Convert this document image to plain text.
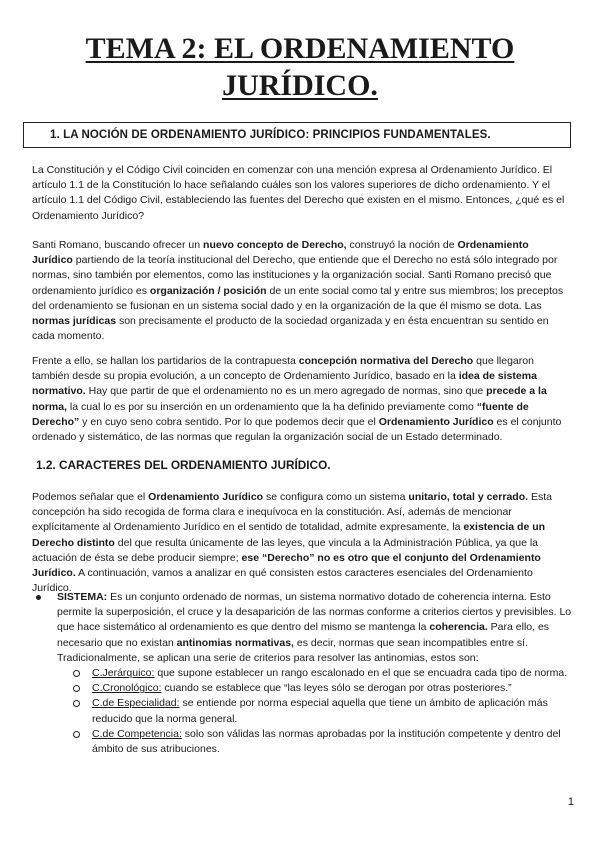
TEMA 2: EL ORDENAMIENTO JURÍDICO.
1. LA NOCIÓN DE ORDENAMIENTO JURÍDICO: PRINCIPIOS FUNDAMENTALES.

La Constitución y el Código Civil coinciden en comenzar con una mención expresa al Ordenamiento Jurídico. El artículo 1.1 de la Constitución lo hace señalando cuáles son los valores superiores de dicho ordenamiento. Y el artículo 1.1 del Código Civil, estableciendo las fuentes del Derecho que existen en el mismo. Entonces, ¿qué es el Ordenamiento Jurídico?

Santi Romano, buscando ofrecer un nuevo concepto de Derecho, construyó la noción de Ordenamiento Jurídico partiendo de la teoría institucional del Derecho, que entiende que el Derecho no está sólo integrado por normas, sino también por elementos, como las instituciones y la organización social. Santi Romano precisó que ordenamiento jurídico es organización / posición de un ente social como tal y entre sus miembros; los preceptos del ordenamiento se fusionan en un sistema social dado y en la organización de la que él mismo se dota. Las normas jurídicas son precisamente el producto de la sociedad organizada y en ésta encuentran su sentido en cada momento.

Frente a ello, se hallan los partidarios de la contrapuesta concepción normativa del Derecho que llegaron también desde su propia evolución, a un concepto de Ordenamiento Jurídico, basado en la idea de sistema normativo. Hay que partir de que el ordenamiento no es un mero agregado de normas, sino que precede a la norma, la cual lo es por su inserción en un ordenamiento que la ha definido previamente como “fuente de Derecho” y en cuyo seno cobra sentido. Por lo que podemos decir que el Ordenamiento Jurídico es el conjunto ordenado y sistemático, de las normas que regulan la organización social de un Estado determinado.

1.2. CARACTERES DEL ORDENAMIENTO JURÍDICO.

Podemos señalar que el Ordenamiento Jurídico se configura como un sistema unitario, total y cerrado. Esta concepción ha sido recogida de forma clara e inequívoca en la constitución. Así, además de mencionar explícitamente al Ordenamiento Jurídico en el sentido de totalidad, admite expresamente, la existencia de un Derecho distinto del que resulta únicamente de las leyes, que vincula a la Administración Pública, ya que la actuación de ésta se debe producir siempre; ese “Derecho” no es otro que el conjunto del Ordenamiento Jurídico. A continuación, vamos a analizar en qué consisten estos caracteres esenciales del Ordenamiento Jurídico.

SISTEMA: Es un conjunto ordenado de normas, un sistema normativo dotado de coherencia interna. Esto permite la superposición, el cruce y la desaparición de las normas conforme a criterios ciertos y previsibles. Lo que hace sistemático al ordenamiento es que dentro del mismo se mantenga la coherencia. Para ello, es necesario que no existan antinomias normativas, es decir, normas que sean incompatibles entre sí. Tradicionalmente, se aplican una serie de criterios para resolver las antinomias, estos son:
C.Jerárquico: que supone establecer un rango escalonado en el que se encuadra cada tipo de norma.
C.Cronológico: cuando se establece que “las leyes sólo se derogan por otras posteriores.”
C.de Especialidad: se entiende por norma especial aquella que tiene un ámbito de aplicación más reducido que la norma general.
C.de Competencia: solo son válidas las normas aprobadas por la institución competente y dentro del ámbito de sus atribuciones.
1
